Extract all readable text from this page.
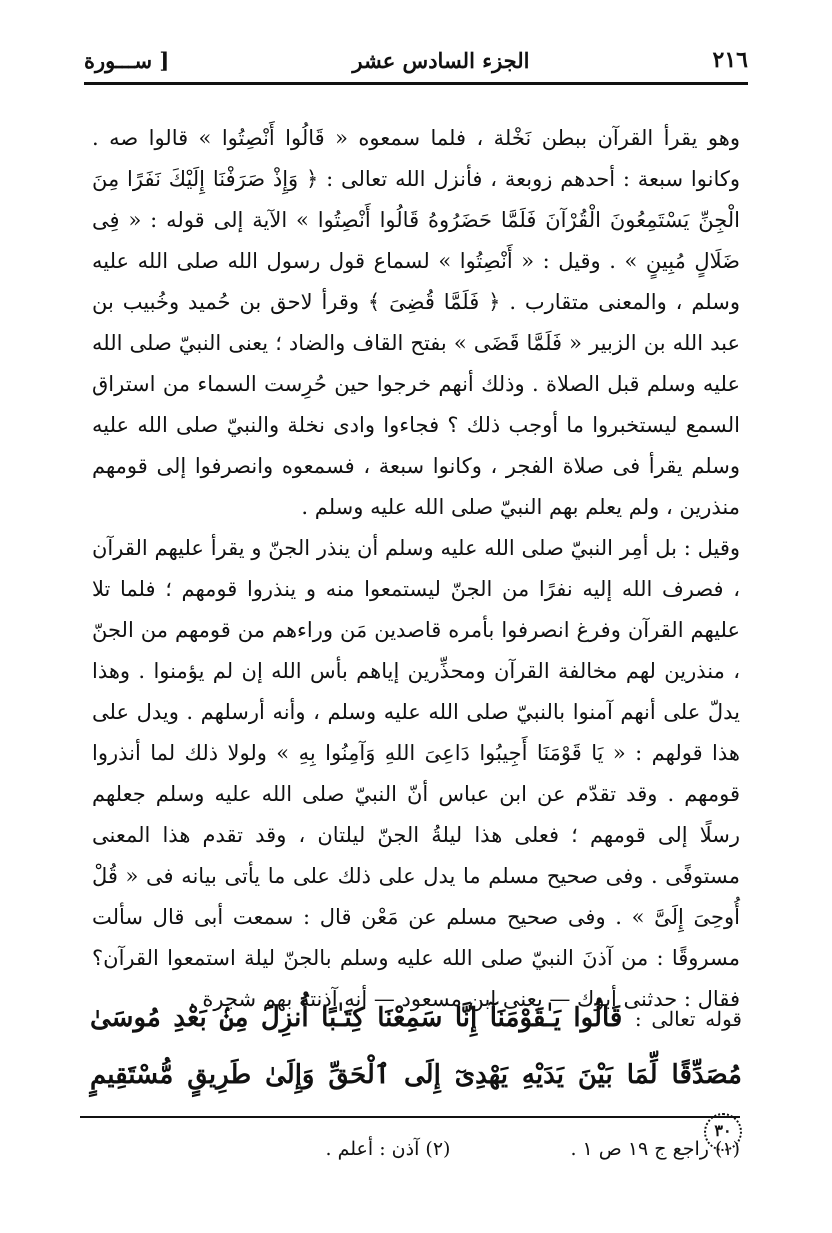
٢١٦
الجزء السادس عشر
[ ســـورة

وهو يقرأ القرآن ببطن نَخْلة ، فلما سمعوه « قَالُوا أَنْصِتُوا » قالوا صه . وكانوا سبعة : أحدهم زوبعة ، فأنزل الله تعالى : ﴿ وَإِذْ صَرَفْنَا إِلَيْكَ نَفَرًا مِنَ الْجِنِّ يَسْتَمِعُونَ الْقُرْآنَ فَلَمَّا حَضَرُوهُ قَالُوا أَنْصِتُوا » الآية إلى قوله : « فِى ضَلَالٍ مُبِينٍ » . وقيل : « أَنْصِتُوا » لسماع قول رسول الله صلى الله عليه وسلم ، والمعنى متقارب . ﴿ فَلَمَّا قُضِىَ ﴾ وقرأ لاحق بن حُميد وخُبيب بن عبد الله بن الزبير « فَلَمَّا قَضَى » بفتح القاف والضاد ؛ يعنى النبيّ صلى الله عليه وسلم قبل الصلاة . وذلك أنهم خرجوا حين حُرِست السماء من استراق السمع ليستخبروا ما أوجب ذلك ؟ فجاءوا وادى نخلة والنبيّ صلى الله عليه وسلم يقرأ فى صلاة الفجر ، وكانوا سبعة ، فسمعوه وانصرفوا إلى قومهم منذرين ، ولم يعلم بهم النبيّ صلى الله عليه وسلم .

وقيل : بل أمِر النبيّ صلى الله عليه وسلم أن ينذر الجنّ و يقرأ عليهم القرآن ، فصرف الله إليه نفرًا من الجنّ ليستمعوا منه و ينذروا قومهم ؛ فلما تلا عليهم القرآن وفرغ انصرفوا بأمره قاصدين مَن وراءهم من قومهم من الجنّ ، منذرين لهم مخالفة القرآن ومحذِّرين إياهم بأس الله إن لم يؤمنوا . وهذا يدلّ على أنهم آمنوا بالنبيّ صلى الله عليه وسلم ، وأنه أرسلهم . ويدل على هذا قولهم : « يَا قَوْمَنَا أَجِيبُوا دَاعِىَ اللهِ وَآمِنُوا بِهِ » ولولا ذلك لما أنذروا قومهم . وقد تقدّم عن ابن عباس أنّ النبيّ صلى الله عليه وسلم جعلهم رسلًا إلى قومهم ؛ فعلى هذا ليلةُ الجنّ ليلتان ، وقد تقدم هذا المعنى مستوفًى . وفى صحيح مسلم ما يدل على ذلك على ما يأتى بيانه فى « قُلْ أُوحِىَ إِلَىَّ » . وفى صحيح مسلم عن مَعْن قال : سمعت أبى قال سألت مسروقًا : من آذنَ النبيّ صلى الله عليه وسلم بالجنّ ليلة استمعوا القرآن؟ فقال : حدثنى أبوك — يعنى ابن مسعود — أنه آذنته بهم شجرة .

قوله تعالى : قَالُوا يَـٰقَوْمَنَآ إِنَّا سَمِعْنَا كِتَـٰبًا أُنزِلَ مِنۢ بَعْدِ مُوسَىٰ مُصَدِّقًا لِّمَا بَيْنَ يَدَيْهِ يَهْدِىٓ إِلَى ٱلْحَقِّ وَإِلَىٰ طَرِيقٍ مُّسْتَقِيمٍ ٣٠
(١) راجع ج ١٩ ص ١ .
(٢) آذن : أعلم .
